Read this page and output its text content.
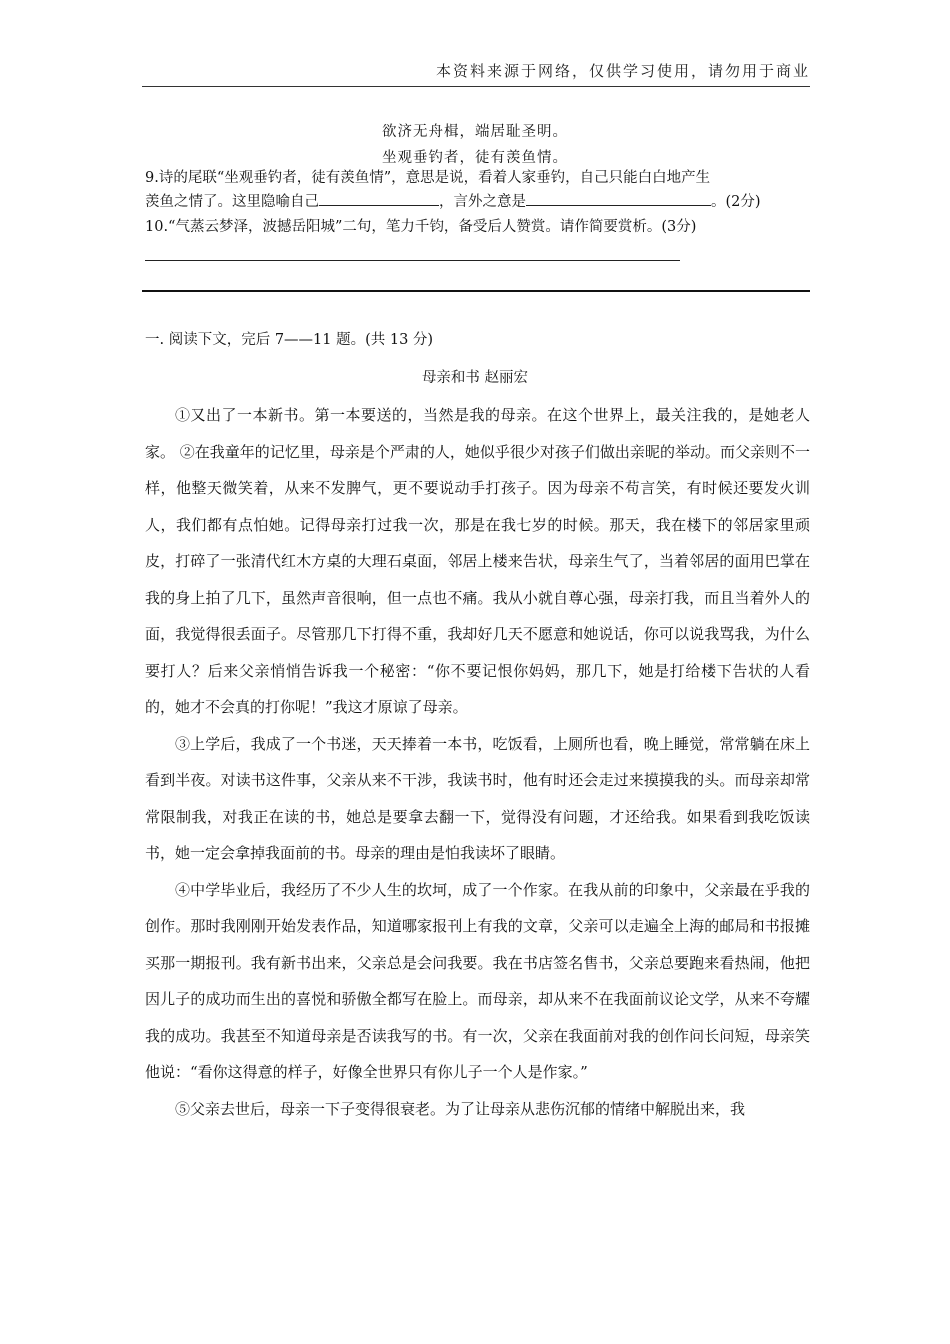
本资料来源于网络，仅供学习使用，请勿用于商业
欲济无舟楫，端居耻圣明。
坐观垂钓者，徒有羡鱼情。
9.诗的尾联“坐观垂钓者，徒有羡鱼情”，意思是说，看着人家垂钓，自己只能白白地产生
羡鱼之情了。这里隐喻自己	，言外之意是	。(2分)
10.“气蒸云梦泽，波撼岳阳城”二句，笔力千钧，备受后人赞赏。请作简要赏析。(3分)
一. 阅读下文，完后 7——11 题。(共 13 分)
母亲和书 赵丽宏

①又出了一本新书。第一本要送的，当然是我的母亲。在这个世界上，最关注我的，是她老人家。 ②在我童年的记忆里，母亲是个严肃的人，她似乎很少对孩子们做出亲昵的举动。而父亲则不一样，他整天微笑着，从来不发脾气，更不要说动手打孩子。因为母亲不苟言笑，有时候还要发火训人，我们都有点怕她。记得母亲打过我一次，那是在我七岁的时候。那天，我在楼下的邻居家里顽皮，打碎了一张清代红木方桌的大理石桌面，邻居上楼来告状，母亲生气了，当着邻居的面用巴掌在我的身上拍了几下，虽然声音很响，但一点也不痛。我从小就自尊心强，母亲打我，而且当着外人的面，我觉得很丢面子。尽管那几下打得不重，我却好几天不愿意和她说话，你可以说我骂我，为什么要打人？后来父亲悄悄告诉我一个秘密：“你不要记恨你妈妈，那几下，她是打给楼下告状的人看的，她才不会真的打你呢！”我这才原谅了母亲。

③上学后，我成了一个书迷，天天捧着一本书，吃饭看，上厕所也看，晚上睡觉，常常躺在床上看到半夜。对读书这件事，父亲从来不干涉，我读书时，他有时还会走过来摸摸我的头。而母亲却常常限制我，对我正在读的书，她总是要拿去翻一下，觉得没有问题，才还给我。如果看到我吃饭读书，她一定会拿掉我面前的书。母亲的理由是怕我读坏了眼睛。

④中学毕业后，我经历了不少人生的坎坷，成了一个作家。在我从前的印象中，父亲最在乎我的创作。那时我刚刚开始发表作品，知道哪家报刊上有我的文章，父亲可以走遍全上海的邮局和书报摊买那一期报刊。我有新书出来，父亲总是会问我要。我在书店签名售书，父亲总要跑来看热闹，他把因儿子的成功而生出的喜悦和骄傲全都写在脸上。而母亲，却从来不在我面前议论文学，从来不夸耀我的成功。我甚至不知道母亲是否读我写的书。有一次，父亲在我面前对我的创作问长问短，母亲笑他说：“看你这得意的样子，好像全世界只有你儿子一个人是作家。”

⑤父亲去世后，母亲一下子变得很衰老。为了让母亲从悲伤沉郁的情绪中解脱出来，我
